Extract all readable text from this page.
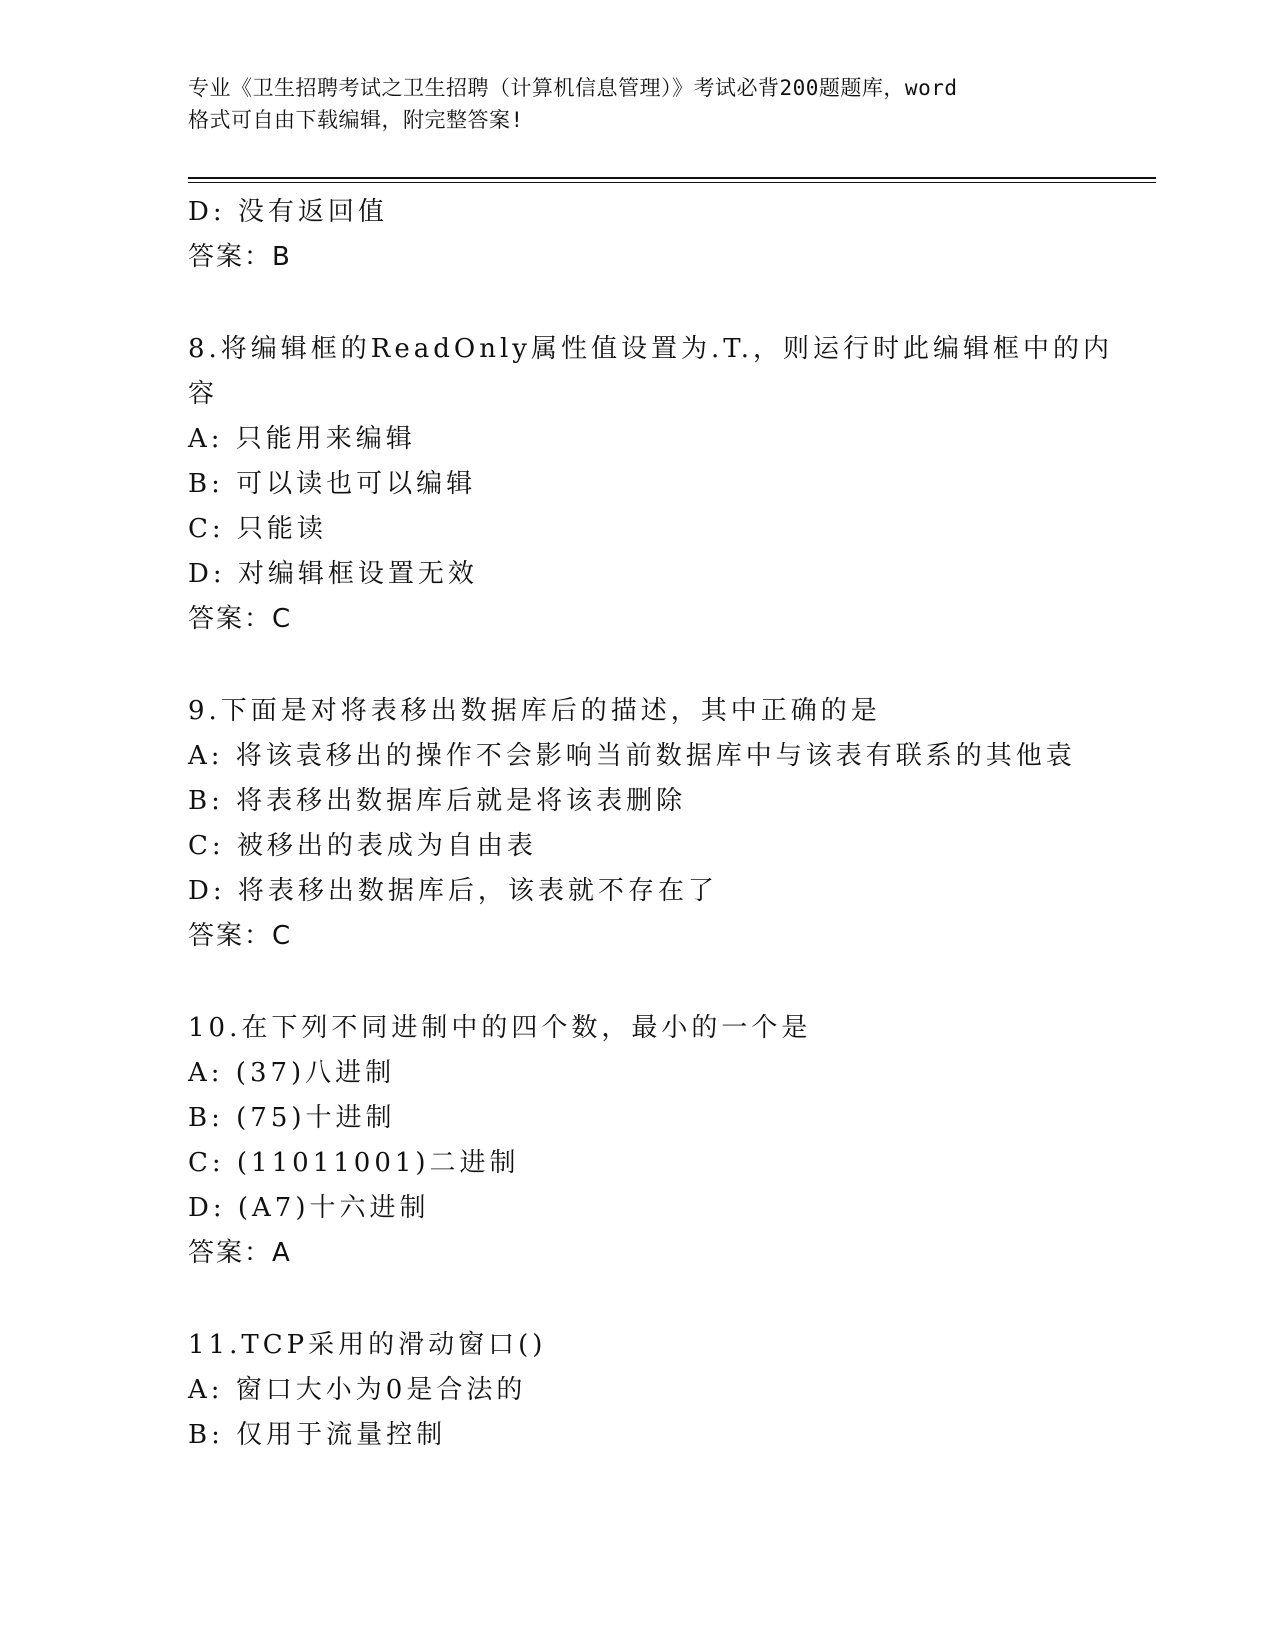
专业《卫生招聘考试之卫生招聘（计算机信息管理）》考试必背200题题库，word
格式可自由下载编辑，附完整答案!
D: 没有返回值
答案：B
8.将编辑框的ReadOnly属性值设置为.T.，则运行时此编辑框中的内
容
A: 只能用来编辑
B: 可以读也可以编辑
C: 只能读
D: 对编辑框设置无效
答案：C
9.下面是对将表移出数据库后的描述，其中正确的是
A: 将该袁移出的操作不会影响当前数据库中与该表有联系的其他袁
B: 将表移出数据库后就是将该表删除
C: 被移出的表成为自由表
D: 将表移出数据库后，该表就不存在了
答案：C
10.在下列不同进制中的四个数，最小的一个是
A: (37)八进制
B: (75)十进制
C: (11011001)二进制
D: (A7)十六进制
答案：A
11.TCP采用的滑动窗口()
A: 窗口大小为0是合法的
B: 仅用于流量控制
